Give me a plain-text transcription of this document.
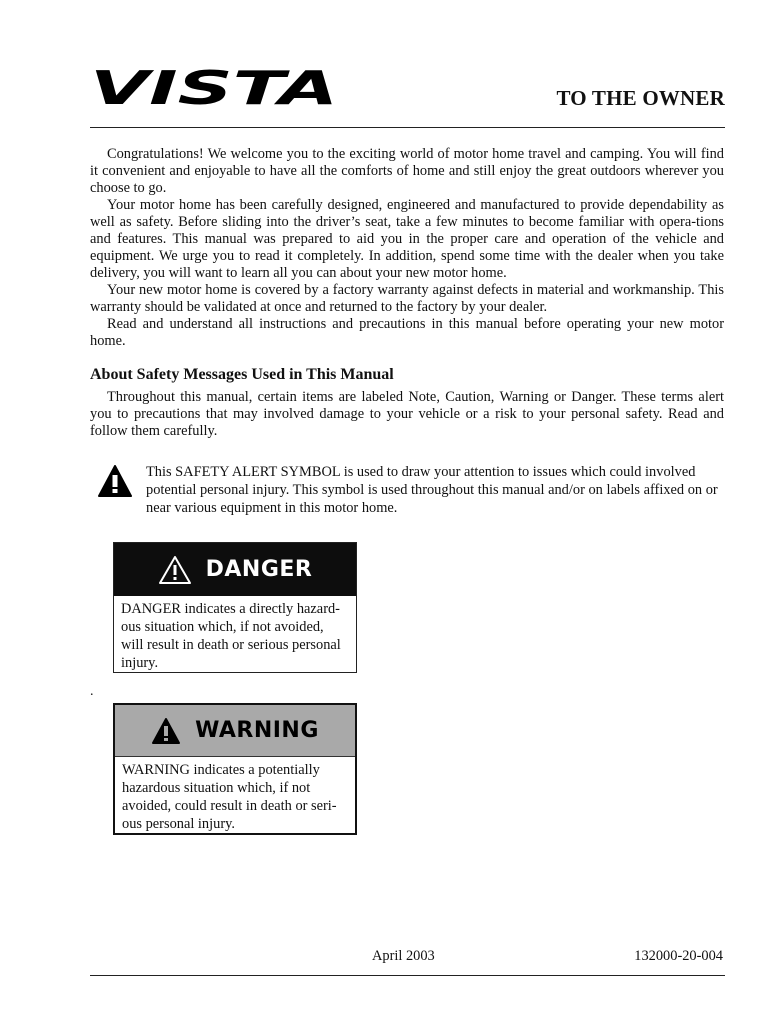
VISTA	TO THE OWNER

Congratulations! We welcome you to the exciting world of motor home travel and camping. You will find it convenient and enjoyable to have all the comforts of home and still enjoy the great outdoors wherever you choose to go.

Your motor home has been carefully designed, engineered and manufactured to provide dependability as well as safety. Before sliding into the driver’s seat, take a few minutes to become familiar with opera-tions and features. This manual was prepared to aid you in the proper care and operation of the vehicle and equipment. We urge you to read it completely. In addition, spend some time with the dealer when you take delivery, you will want to learn all you can about your new motor home.

Your new motor home is covered by a factory warranty against defects in material and workmanship. This warranty should be validated at once and returned to the factory by your dealer.

Read and understand all instructions and precautions in this manual before operating your new motor home.

About Safety Messages Used in This Manual

Throughout this manual, certain items are labeled Note, Caution, Warning or Danger. These terms alert you to precautions that may involved damage to your vehicle or a risk to your personal safety. Read and follow them carefully.

This SAFETY ALERT SYMBOL is used to draw your attention to issues which could involved potential personal injury. This symbol is used throughout this manual and/or on labels affixed on or near various equipment in this motor home.
DANGER
DANGER indicates a directly hazard-ous situation which, if not avoided, will result in death or serious personal injury.
.
WARNING
WARNING indicates a potentially hazardous situation which, if not avoided, could result in death or seri-ous personal injury.
April 2003	132000-20-004
